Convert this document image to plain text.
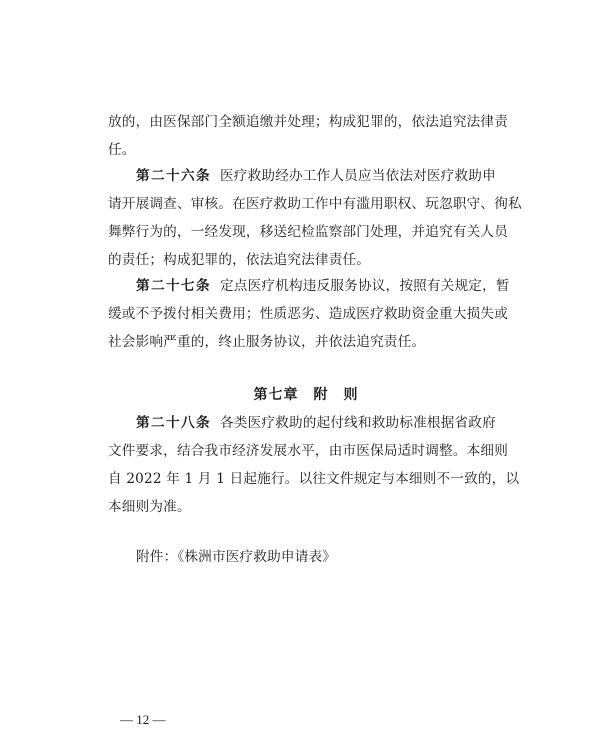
放的，由医保部门全额追缴并处理；构成犯罪的，依法追究法律责
任。
第二十六条 医疗救助经办工作人员应当依法对医疗救助申
请开展调查、审核。在医疗救助工作中有滥用职权、玩忽职守、徇私
舞弊行为的，一经发现，移送纪检监察部门处理，并追究有关人员
的责任；构成犯罪的，依法追究法律责任。
第二十七条 定点医疗机构违反服务协议，按照有关规定，暂
缓或不予拨付相关费用；性质恶劣、造成医疗救助资金重大损失或
社会影响严重的，终止服务协议，并依法追究责任。
第七章　附　则
第二十八条 各类医疗救助的起付线和救助标准根据省政府
文件要求，结合我市经济发展水平，由市医保局适时调整。本细则
自 2022 年 1 月 1 日起施行。以往文件规定与本细则不一致的，以
本细则为准。
附件：《株洲市医疗救助申请表》
— 12 —
